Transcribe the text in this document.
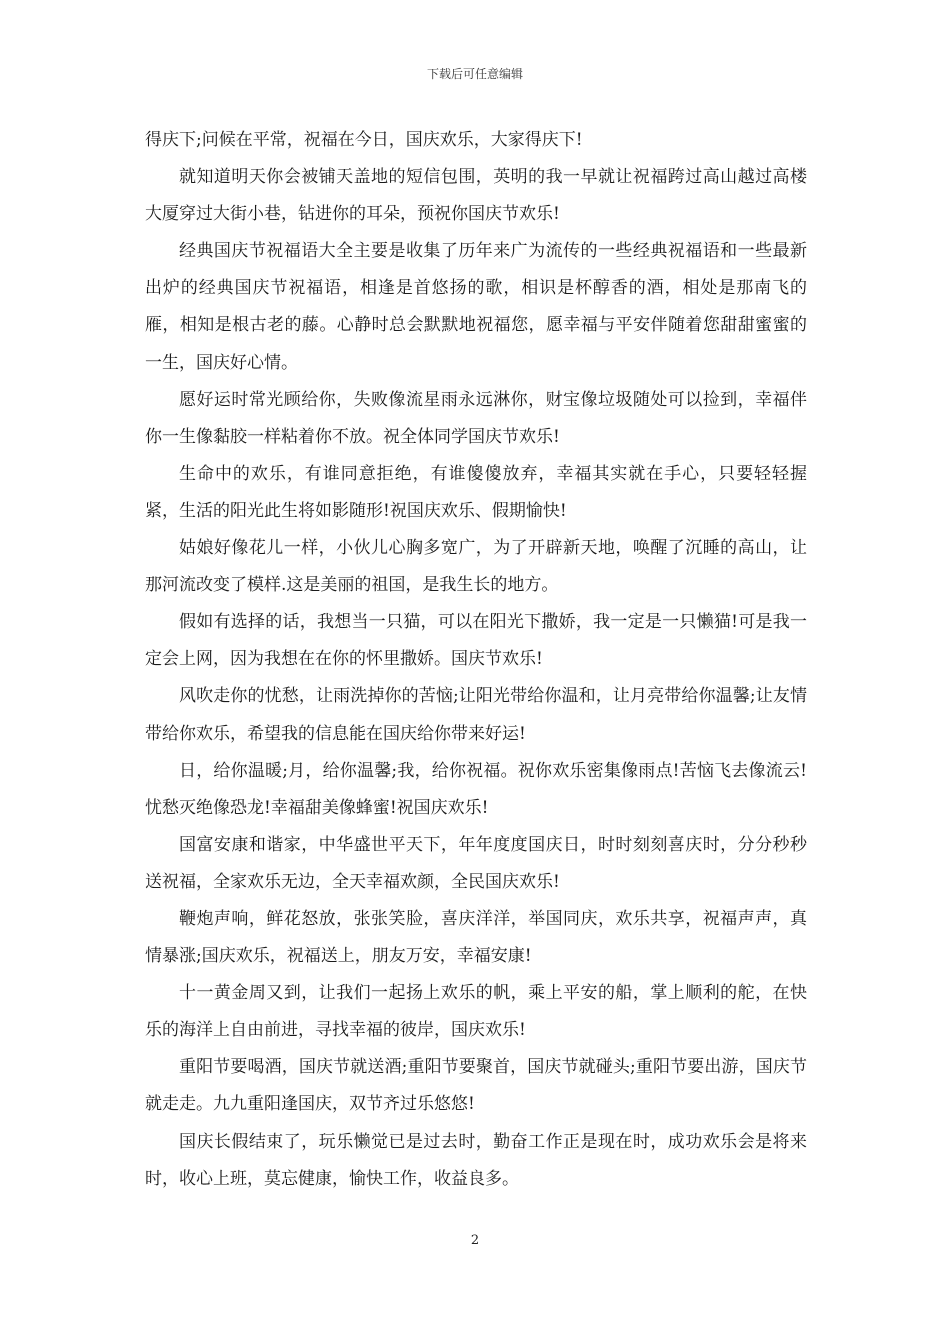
下载后可任意编辑

得庆下;问候在平常，祝福在今日，国庆欢乐，大家得庆下!

就知道明天你会被铺天盖地的短信包围，英明的我一早就让祝福跨过高山越过高楼大厦穿过大街小巷，钻进你的耳朵，预祝你国庆节欢乐!

经典国庆节祝福语大全主要是收集了历年来广为流传的一些经典祝福语和一些最新出炉的经典国庆节祝福语，相逢是首悠扬的歌，相识是杯醇香的酒，相处是那南飞的雁，相知是根古老的藤。心静时总会默默地祝福您，愿幸福与平安伴随着您甜甜蜜蜜的一生，国庆好心情。

愿好运时常光顾给你，失败像流星雨永远淋你，财宝像垃圾随处可以捡到，幸福伴你一生像黏胶一样粘着你不放。祝全体同学国庆节欢乐!

生命中的欢乐，有谁同意拒绝，有谁傻傻放弃，幸福其实就在手心，只要轻轻握紧，生活的阳光此生将如影随形!祝国庆欢乐、假期愉快!

姑娘好像花儿一样，小伙儿心胸多宽广，为了开辟新天地，唤醒了沉睡的高山，让那河流改变了模样.这是美丽的祖国，是我生长的地方。

假如有选择的话，我想当一只猫，可以在阳光下撒娇，我一定是一只懒猫!可是我一定会上网，因为我想在在你的怀里撒娇。国庆节欢乐!

风吹走你的忧愁，让雨洗掉你的苦恼;让阳光带给你温和，让月亮带给你温馨;让友情带给你欢乐，希望我的信息能在国庆给你带来好运!

日，给你温暖;月，给你温馨;我，给你祝福。祝你欢乐密集像雨点!苦恼飞去像流云!忧愁灭绝像恐龙!幸福甜美像蜂蜜!祝国庆欢乐!

国富安康和谐家，中华盛世平天下，年年度度国庆日，时时刻刻喜庆时，分分秒秒送祝福，全家欢乐无边，全天幸福欢颜，全民国庆欢乐!

鞭炮声响，鲜花怒放，张张笑脸，喜庆洋洋，举国同庆，欢乐共享，祝福声声，真情暴涨;国庆欢乐，祝福送上，朋友万安，幸福安康!

十一黄金周又到，让我们一起扬上欢乐的帆，乘上平安的船，掌上顺利的舵，在快乐的海洋上自由前进，寻找幸福的彼岸，国庆欢乐!

重阳节要喝酒，国庆节就送酒;重阳节要聚首，国庆节就碰头;重阳节要出游，国庆节就走走。九九重阳逢国庆，双节齐过乐悠悠!

国庆长假结束了，玩乐懒觉已是过去时，勤奋工作正是现在时，成功欢乐会是将来时，收心上班，莫忘健康，愉快工作，收益良多。

2
